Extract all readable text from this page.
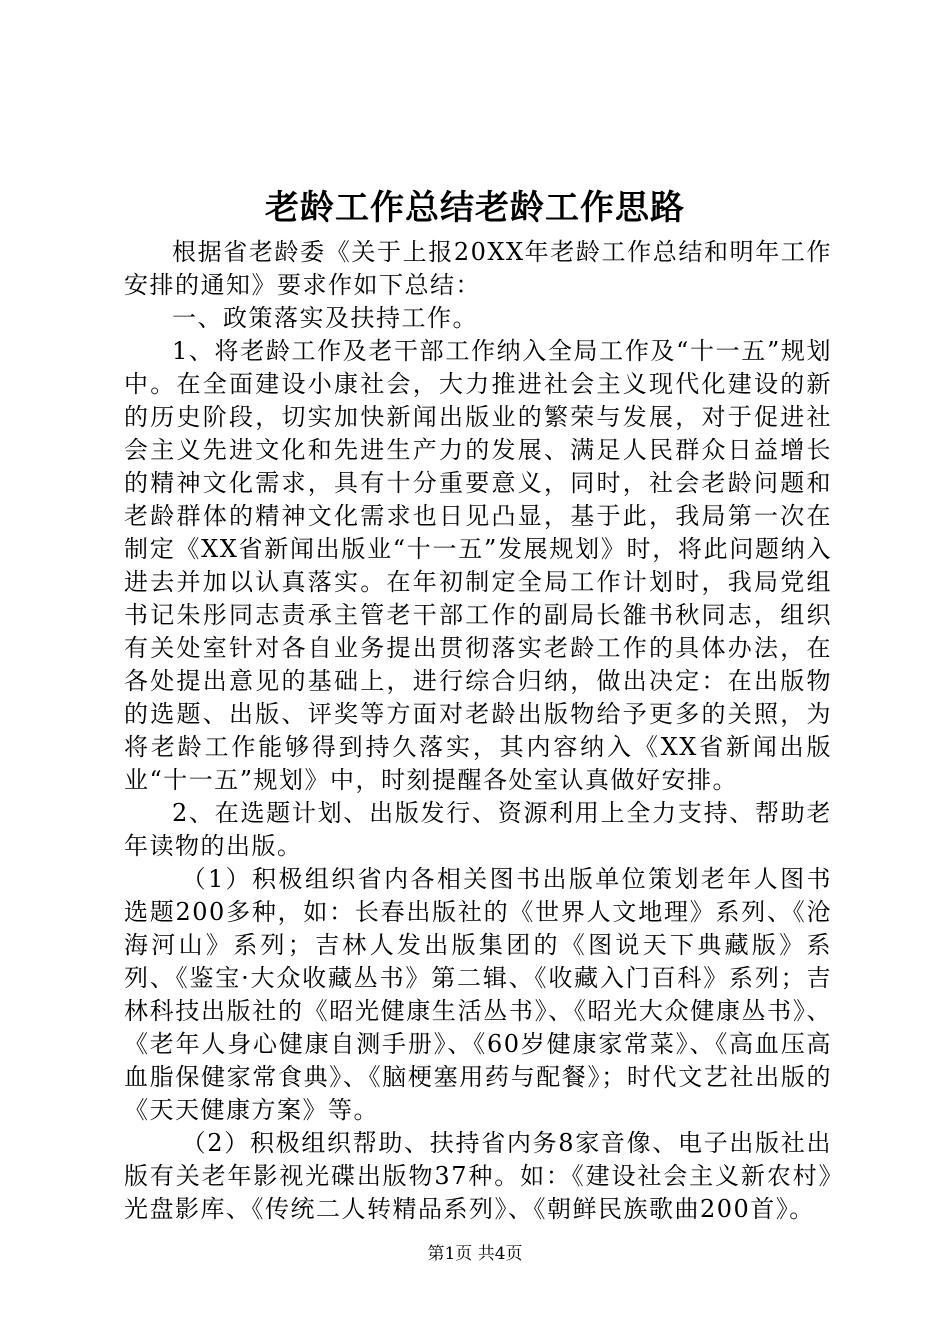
老龄工作总结老龄工作思路

根据省老龄委《关于上报20XX年老龄工作总结和明年工作安排的通知》要求作如下总结：

一、政策落实及扶持工作。

1、将老龄工作及老干部工作纳入全局工作及“十一五”规划中。在全面建设小康社会，大力推进社会主义现代化建设的新的历史阶段，切实加快新闻出版业的繁荣与发展，对于促进社会主义先进文化和先进生产力的发展、满足人民群众日益增长的精神文化需求，具有十分重要意义，同时，社会老龄问题和老龄群体的精神文化需求也日见凸显，基于此，我局第一次在制定《XX省新闻出版业“十一五”发展规划》时，将此问题纳入进去并加以认真落实。在年初制定全局工作计划时，我局党组书记朱彤同志责承主管老干部工作的副局长雒书秋同志，组织有关处室针对各自业务提出贯彻落实老龄工作的具体办法，在各处提出意见的基础上，进行综合归纳，做出决定：在出版物的选题、出版、评奖等方面对老龄出版物给予更多的关照，为将老龄工作能够得到持久落实，其内容纳入《XX省新闻出版业“十一五”规划》中，时刻提醒各处室认真做好安排。

2、在选题计划、出版发行、资源利用上全力支持、帮助老年读物的出版。

（1）积极组织省内各相关图书出版单位策划老年人图书选题200多种，如：长春出版社的《世界人文地理》系列、《沧海河山》系列；吉林人发出版集团的《图说天下典藏版》系列、《鉴宝·大众收藏丛书》第二辑、《收藏入门百科》系列；吉林科技出版社的《昭光健康生活丛书》、《昭光大众健康丛书》、《老年人身心健康自测手册》、《60岁健康家常菜》、《高血压高血脂保健家常食典》、《脑梗塞用药与配餐》；时代文艺社出版的《天天健康方案》等。

（2）积极组织帮助、扶持省内务8家音像、电子出版社出版有关老年影视光碟出版物37种。如：《建设社会主义新农村》光盘影库、《传统二人转精品系列》、《朝鲜民族歌曲200首》。

第1页 共4页
